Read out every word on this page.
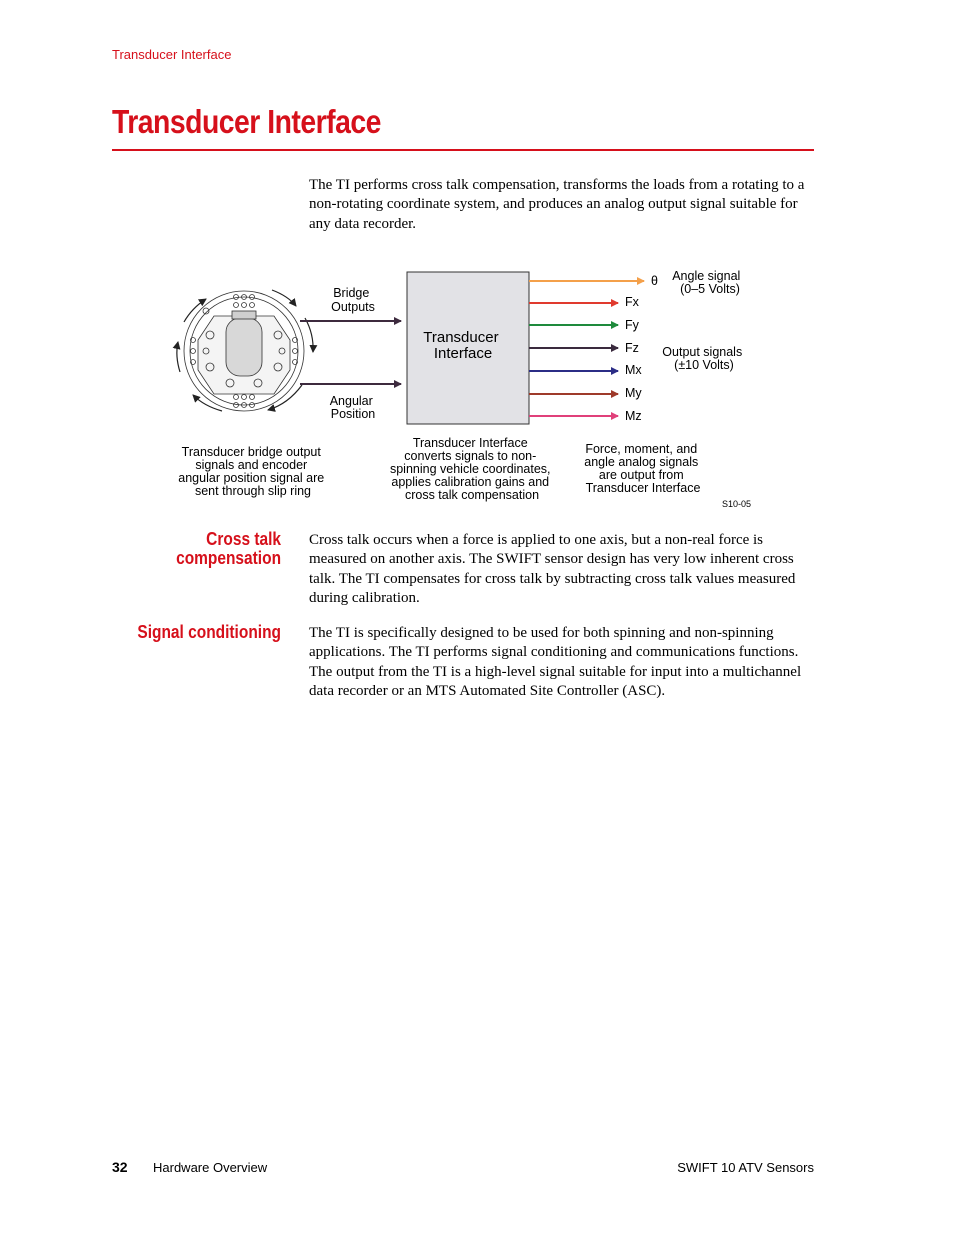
Transducer Interface
Transducer Interface
The TI performs cross talk compensation, transforms the loads from a rotating to a non-rotating coordinate system, and produces an analog output signal suitable for any data recorder.
Bridge Outputs
Angular Position
Transducer Interface
θ
Fx
Fy
Fz
Mx
My
Mz
Angle signal (0–5 Volts)
Output signals (±10 Volts)
Transducer bridge output signals and encoder angular position signal are sent through slip ring
Transducer Interface converts signals to non- spinning vehicle coordinates, applies calibration gains and cross talk compensation
Force, moment, and angle analog signals are output from Transducer Interface
S10-05
Cross talk
compensation
Cross talk occurs when a force is applied to one axis, but a non-real force is measured on another axis. The SWIFT sensor design has very low inherent cross talk. The TI compensates for cross talk by subtracting cross talk values measured during calibration.
Signal conditioning The TI is specifically designed to be used for both spinning and non-spinning applications. The TI performs signal conditioning and communications functions. The output from the TI is a high-level signal suitable for input into a multichannel data recorder or an MTS Automated Site Controller (ASC).
32 Hardware Overview	SWIFT 10 ATV Sensors
